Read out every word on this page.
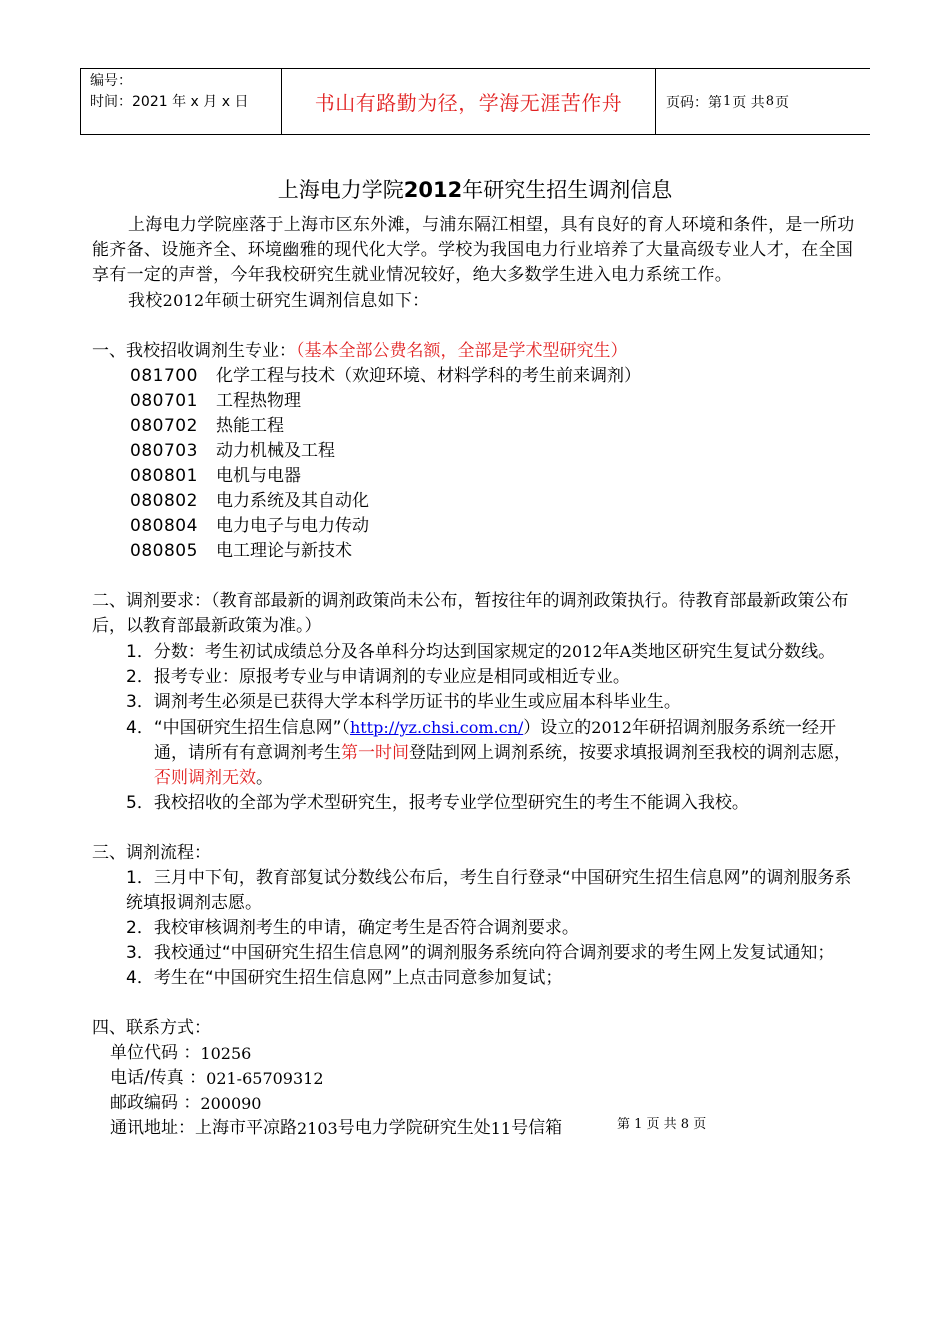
编号：
时间：2021 年 x 月 x 日	书山有路勤为径，学海无涯苦作舟	页码：第 1 页 共 8 页
上海电力学院2012年研究生招生调剂信息

上海电力学院座落于上海市区东外滩，与浦东隔江相望，具有良好的育人环境和条件，是一所功能齐备、设施齐全、环境幽雅的现代化大学。学校为我国电力行业培养了大量高级专业人才，在全国享有一定的声誉，今年我校研究生就业情况较好，绝大多数学生进入电力系统工作。

我校2012年硕士研究生调剂信息如下：

一、我校招收调剂生专业：（基本全部公费名额，全部是学术型研究生）

081700	化学工程与技术（欢迎环境、材料学科的考生前来调剂）
080701	工程热物理
080702	热能工程
080703	动力机械及工程
080801	电机与电器
080802	电力系统及其自动化
080804	电力电子与电力传动
080805	电工理论与新技术

二、调剂要求：（教育部最新的调剂政策尚未公布，暂按往年的调剂政策执行。待教育部最新政策公布后，以教育部最新政策为准。）

1．分数：考生初试成绩总分及各单科分均达到国家规定的2012年A类地区研究生复试分数线。

2．报考专业：原报考专业与申请调剂的专业应是相同或相近专业。

3．调剂考生必须是已获得大学本科学历证书的毕业生或应届本科毕业生。

4．“中国研究生招生信息网”（http://yz.chsi.com.cn/）设立的2012年研招调剂服务系统一经开通，请所有有意调剂考生第一时间登陆到网上调剂系统，按要求填报调剂至我校的调剂志愿，否则调剂无效。

5．我校招收的全部为学术型研究生，报考专业学位型研究生的考生不能调入我校。

三、调剂流程：

1．三月中下旬，教育部复试分数线公布后，考生自行登录“中国研究生招生信息网”的调剂服务系统填报调剂志愿。

2．我校审核调剂考生的申请，确定考生是否符合调剂要求。

3．我校通过“中国研究生招生信息网”的调剂服务系统向符合调剂要求的考生网上发复试通知；

4．考生在“中国研究生招生信息网”上点击同意参加复试；

四、联系方式：

单位代码 ： 10256
电话/传真 ： 021-65709312
邮政编码 ： 200090
通讯地址：上海市平凉路 2103 号电力学院研究生处 11 号信箱	第 1 页 共 8 页
